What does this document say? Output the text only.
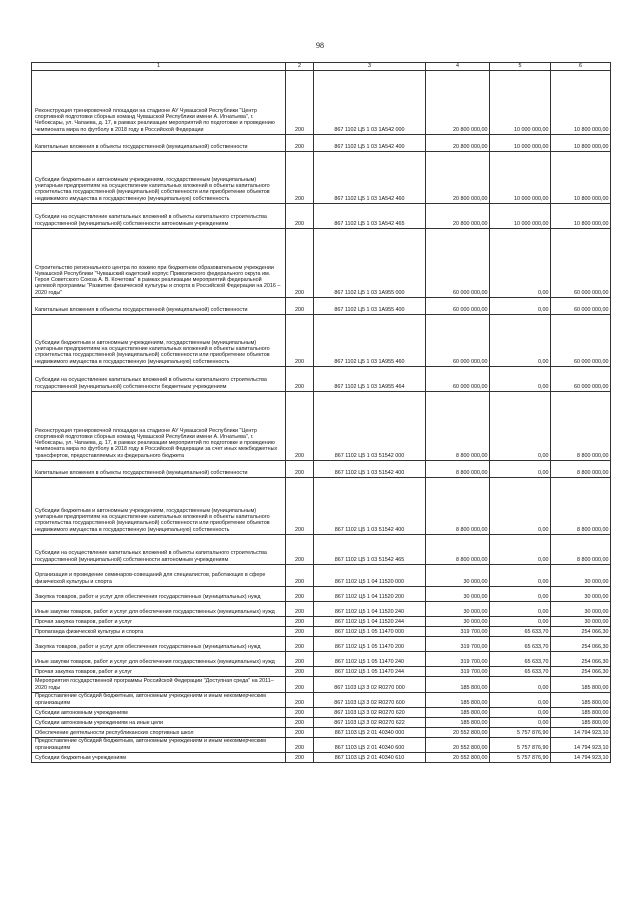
98
1	2	3	4	5	6
Реконструкция тренировочной площадки на стадионе АУ Чувашской Республики "Центр спортивной подготовки сборных команд Чувашской Республики имени А. Игнатьева", г. Чебоксары, ул. Чапаева, д. 17, в рамках реализации мероприятий по подготовке и проведению чемпионата мира по футболу в 2018 году в Российской Федерации	200	867 1102 Ц5 1 03 1А542 000	20 800 000,00	10 000 000,00	10 800 000,00
Капитальные вложения в объекты государственной (муниципальной) собственности	200	867 1102 Ц5 1 03 1А542 400	20 800 000,00	10 000 000,00	10 800 000,00
Субсидии бюджетным и автономным учреждениям, государственным (муниципальным) унитарным предприятиям на осуществление капитальных вложений в объекты капитального строительства государственной (муниципальной) собственности или приобретение объектов недвижимого имущества в государственную (муниципальную) собственность	200	867 1102 Ц5 1 03 1А542 460	20 800 000,00	10 000 000,00	10 800 000,00
Субсидии на осуществление капитальных вложений в объекты капитального строительства государственной (муниципальной) собственности автономным учреждениям	200	867 1102 Ц5 1 03 1А542 465	20 800 000,00	10 000 000,00	10 800 000,00
Строительство регионального центра по хоккею при бюджетном образовательном учреждении Чувашской Республики "Чувашский кадетский корпус Приволжского федерального округа им. Героя Советского Союза А. В. Кочетова" в рамках реализации мероприятий федеральной целевой программы "Развитие физической культуры и спорта в Российской Федерации на 2016 – 2020 годы"	200	867 1102 Ц5 1 03 1А955 000	60 000 000,00	0,00	60 000 000,00
Капитальные вложения в объекты государственной (муниципальной) собственности	200	867 1102 Ц5 1 03 1А955 400	60 000 000,00	0,00	60 000 000,00
Субсидии бюджетным и автономным учреждениям, государственным (муниципальным) унитарным предприятиям на осуществление капитальных вложений в объекты капитального строительства государственной (муниципальной) собственности или приобретение объектов недвижимого имущества в государственную (муниципальную) собственность	200	867 1102 Ц5 1 03 1А955 460	60 000 000,00	0,00	60 000 000,00
Субсидии на осуществление капитальных вложений в объекты капитального строительства государственной (муниципальной) собственности бюджетным учреждениям	200	867 1102 Ц5 1 03 1А955 464	60 000 000,00	0,00	60 000 000,00
Реконструкция тренировочной площадки на стадионе АУ Чувашской Республики "Центр спортивной подготовки сборных команд Чувашской Республики имени А. Игнатьева", г. Чебоксары, ул. Чапаева, д. 17, в рамках реализации мероприятий по подготовке и проведению чемпионата мира по футболу в 2018 году в Российской Федерации за счет иных межбюджетных трансфертов, предоставляемых из федерального бюджета	200	867 1102 Ц5 1 03 51542 000	8 800 000,00	0,00	8 800 000,00
Капитальные вложения в объекты государственной (муниципальной) собственности	200	867 1102 Ц5 1 03 51542 400	8 800 000,00	0,00	8 800 000,00
Субсидии бюджетным и автономным учреждениям, государственным (муниципальным) унитарным предприятиям на осуществление капитальных вложений в объекты капитального строительства государственной (муниципальной) собственности или приобретение объектов недвижимого имущества в государственную (муниципальную) собственность	200	867 1102 Ц5 1 03 51542 400	8 800 000,00	0,00	8 800 000,00
Субсидии на осуществление капитальных вложений в объекты капитального строительства государственной (муниципальной) собственности автономным учреждениям	200	867 1102 Ц5 1 03 51542 465	8 800 000,00	0,00	8 800 000,00
Организация и проведение семинаров-совещаний для специалистов, работающих в сфере физической культуры и спорта	200	867 1102 Ц5 1 04 11520 000	30 000,00	0,00	30 000,00
Закупка товаров, работ и услуг для обеспечения государственных (муниципальных) нужд	200	867 1102 Ц5 1 04 11520 200	30 000,00	0,00	30 000,00
Иные закупки товаров, работ и услуг для обеспечения государственных (муниципальных) нужд	200	867 1102 Ц5 1 04 11520 240	30 000,00	0,00	30 000,00
Прочая закупка товаров, работ и услуг	200	867 1102 Ц5 1 04 11520 244	30 000,00	0,00	30 000,00
Пропаганда физической культуры и спорта	200	867 1102 Ц5 1 05 11470 000	319 700,00	65 633,70	254 066,30
Закупка товаров, работ и услуг для обеспечения государственных (муниципальных) нужд	200	867 1102 Ц5 1 05 11470 200	319 700,00	65 633,70	254 066,30
Иные закупки товаров, работ и услуг для обеспечения государственных (муниципальных) нужд	200	867 1102 Ц5 1 05 11470 240	319 700,00	65 633,70	254 066,30
Прочая закупка товаров, работ и услуг	200	867 1102 Ц5 1 05 11470 244	319 700,00	65 633,70	254 066,30
Мероприятия государственной программы Российской Федерации "Доступная среда" на 2011–2020 годы	200	867 1103 Ц3 3 02 R0270 000	185 800,00	0,00	185 800,00
Предоставление субсидий бюджетным, автономным учреждениям и иным некоммерческим организациям	200	867 1103 Ц3 3 02 R0270 600	185 800,00	0,00	185 800,00
Субсидии автономным учреждениям	200	867 1103 Ц3 3 02 R0270 620	185 800,00	0,00	185 800,00
Субсидии автономным учреждениям на иные цели	200	867 1103 Ц3 3 02 R0270 622	185 800,00	0,00	185 800,00
Обеспечение деятельности республиканских спортивных школ	200	867 1103 Ц5 2 01 40340 000	20 552 800,00	5 757 876,90	14 794 923,10
Предоставление субсидий бюджетным, автономным учреждениям и иным некоммерческим организациям	200	867 1103 Ц5 2 01 40340 600	20 552 800,00	5 757 876,90	14 794 923,10
Субсидии бюджетным учреждениям	200	867 1103 Ц5 2 01 40340 610	20 552 800,00	5 757 876,90	14 794 923,10
